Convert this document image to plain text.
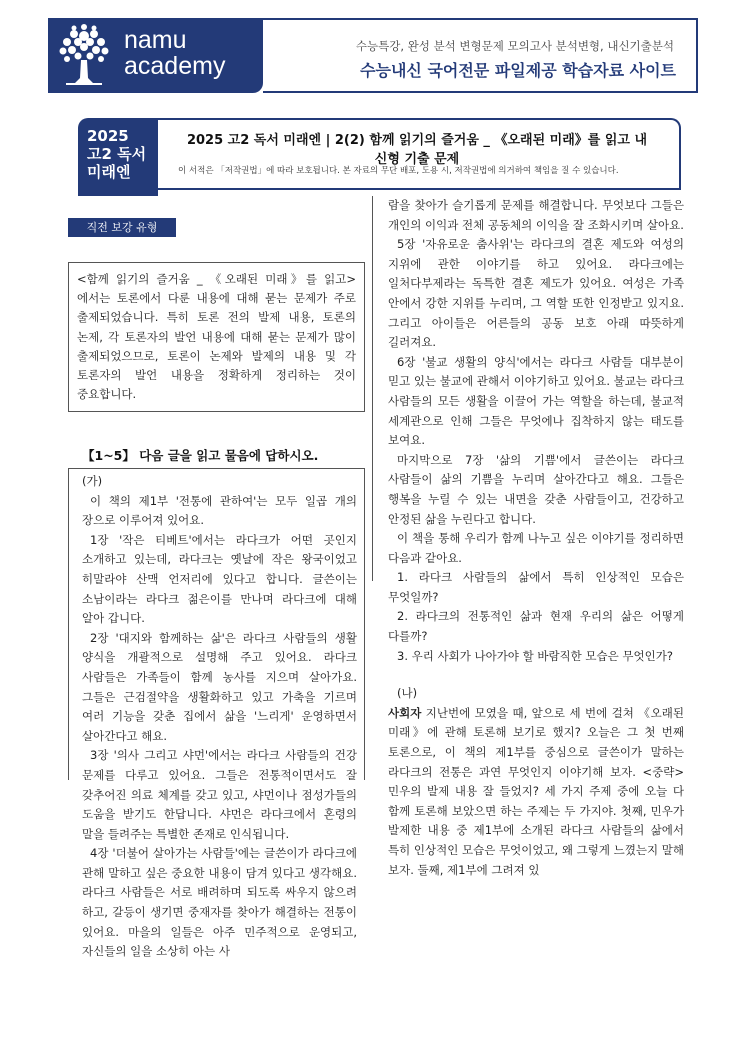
namu
academy
수능특강, 완성 분석 변형문제 모의고사 분석변형, 내신기출분석
수능내신 국어전문 파일제공 학습자료 사이트
2025
고2 독서
미래엔
2025 고2 독서 미래엔 | 2(2) 함께 읽기의 즐거움 _ 《오래된 미래》를 읽고 내신형 기출 문제
이 서적은 「저작권법」에 따라 보호됩니다. 본 자료의 무단 배포, 도용 시, 저작권법에 의거하여 책임을 질 수 있습니다.
직전 보강 유형

<함께 읽기의 즐거움 _ 《오래된 미래》를 읽고>에서는 토론에서 다룬 내용에 대해 묻는 문제가 주로 출제되었습니다. 특히 토론 전의 발제 내용, 토론의 논제, 각 토론자의 발언 내용에 대해 묻는 문제가 많이 출제되었으므로, 토론이 논제와 발제의 내용 및 각 토론자의 발언 내용을 정확하게 정리하는 것이 중요합니다.

【1~5】 다음 글을 읽고 물음에 답하시오.

(가)

이 책의 제1부 '전통에 관하여'는 모두 일곱 개의 장으로 이루어져 있어요.

1장 '작은 티베트'에서는 라다크가 어떤 곳인지 소개하고 있는데, 라다크는 옛날에 작은 왕국이었고 히말라야 산맥 언저리에 있다고 합니다. 글쓴이는 소남이라는 라다크 젊은이를 만나며 라다크에 대해 알아 갑니다.

2장 '대지와 함께하는 삶'은 라다크 사람들의 생활 양식을 개괄적으로 설명해 주고 있어요. 라다크 사람들은 가족들이 함께 농사를 지으며 살아가요. 그들은 근검절약을 생활화하고 있고 가축을 기르며 여러 기능을 갖춘 집에서 삶을 '느리게' 운영하면서 살아간다고 해요.

3장 '의사 그리고 샤먼'에서는 라다크 사람들의 건강 문제를 다루고 있어요. 그들은 전통적이면서도 잘 갖추어진 의료 체계를 갖고 있고, 샤먼이나 점성가들의 도움을 받기도 한답니다. 샤먼은 라다크에서 혼령의 말을 들려주는 특별한 존재로 인식됩니다.

4장 '더불어 살아가는 사람들'에는 글쓴이가 라다크에 관해 말하고 싶은 중요한 내용이 담겨 있다고 생각해요. 라다크 사람들은 서로 배려하며 되도록 싸우지 않으려 하고, 갈등이 생기면 중재자를 찾아가 해결하는 전통이 있어요. 마을의 일들은 아주 민주적으로 운영되고, 자신들의 일을 소상히 아는 사

람을 찾아가 슬기롭게 문제를 해결합니다. 무엇보다 그들은 개인의 이익과 전체 공동체의 이익을 잘 조화시키며 살아요.

5장 '자유로운 춤사위'는 라다크의 결혼 제도와 여성의 지위에 관한 이야기를 하고 있어요. 라다크에는 일처다부제라는 독특한 결혼 제도가 있어요. 여성은 가족 안에서 강한 지위를 누리며, 그 역할 또한 인정받고 있지요. 그리고 아이들은 어른들의 공동 보호 아래 따뜻하게 길러져요.

6장 '불교 생활의 양식'에서는 라다크 사람들 대부분이 믿고 있는 불교에 관해서 이야기하고 있어요. 불교는 라다크 사람들의 모든 생활을 이끌어 가는 역할을 하는데, 불교적 세계관으로 인해 그들은 무엇에나 집착하지 않는 태도를 보여요.

마지막으로 7장 '삶의 기쁨'에서 글쓴이는 라다크 사람들이 삶의 기쁨을 누리며 살아간다고 해요. 그들은 행복을 누릴 수 있는 내면을 갖춘 사람들이고, 건강하고 안정된 삶을 누린다고 합니다.

이 책을 통해 우리가 함께 나누고 싶은 이야기를 정리하면 다음과 같아요.

1. 라다크 사람들의 삶에서 특히 인상적인 모습은 무엇일까?

2. 라다크의 전통적인 삶과 현재 우리의 삶은 어떻게 다를까?

3. 우리 사회가 나아가야 할 바람직한 모습은 무엇인가?

(나)

사회자 지난번에 모였을 때, 앞으로 세 번에 걸쳐 《오래된 미래》에 관해 토론해 보기로 했지? 오늘은 그 첫 번째 토론으로, 이 책의 제1부를 중심으로 글쓴이가 말하는 라다크의 전통은 과연 무엇인지 이야기해 보자. <중략> 민우의 발제 내용 잘 들었지? 세 가지 주제 중에 오늘 다 함께 토론해 보았으면 하는 주제는 두 가지야. 첫째, 민우가 발제한 내용 중 제1부에 소개된 라다크 사람들의 삶에서 특히 인상적인 모습은 무엇이었고, 왜 그렇게 느꼈는지 말해 보자. 둘째, 제1부에 그려져 있
